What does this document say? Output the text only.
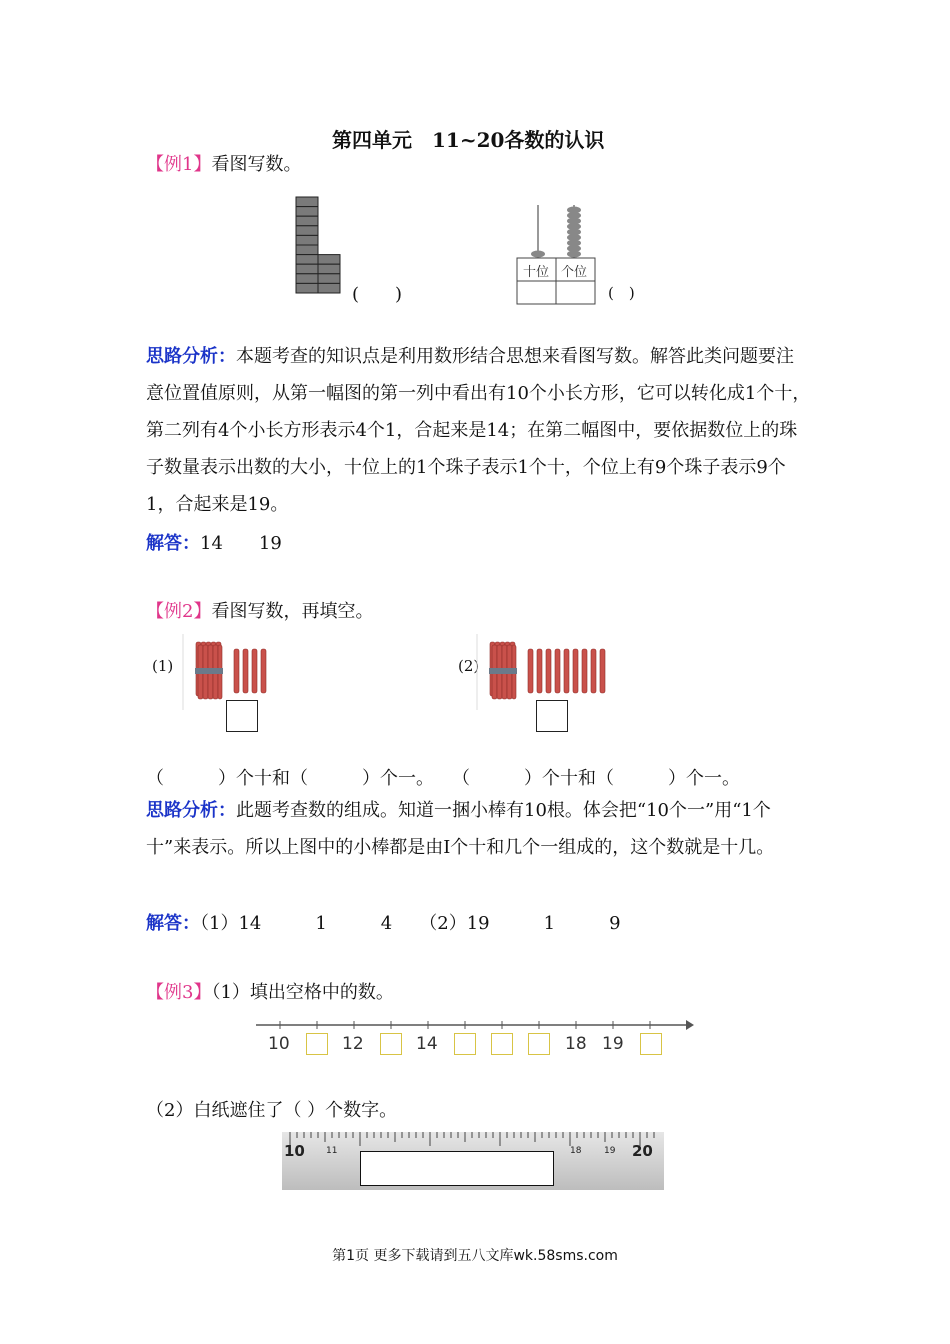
第四单元　11~20各数的认识
【例1】看图写数。
(　　)
十位 个位
(　)
思路分析：本题考查的知识点是利用数形结合思想来看图写数。解答此类问题要注意位置值原则，从第一幅图的第一列中看出有10个小长方形，它可以转化成1个十，第二列有4个小长方形表示4个1，合起来是14；在第二幅图中，要依据数位上的珠子数量表示出数的大小，十位上的1个珠子表示1个十，个位上有9个珠子表示9个1，合起来是19。
解答：14　　19
【例2】看图写数，再填空。
(1)	(2)
（　　　）个十和（　　　）个一。　　（　　　）个十和（　　　）个一。
思路分析：此题考查数的组成。知道一捆小棒有10根。体会把“10个一”用“1个十”来表示。所以上图中的小棒都是由I个十和几个一组成的，这个数就是十几。
解答：（1）14　　　1　　　4　　（2）19　　　1　　　9
【例3】（1）填出空格中的数。
10	12	14	18 19
（2）白纸遮住了（ ）个数字。
10 11	18	19 20
第1页 更多下载请到五八文库wk.58sms.com
